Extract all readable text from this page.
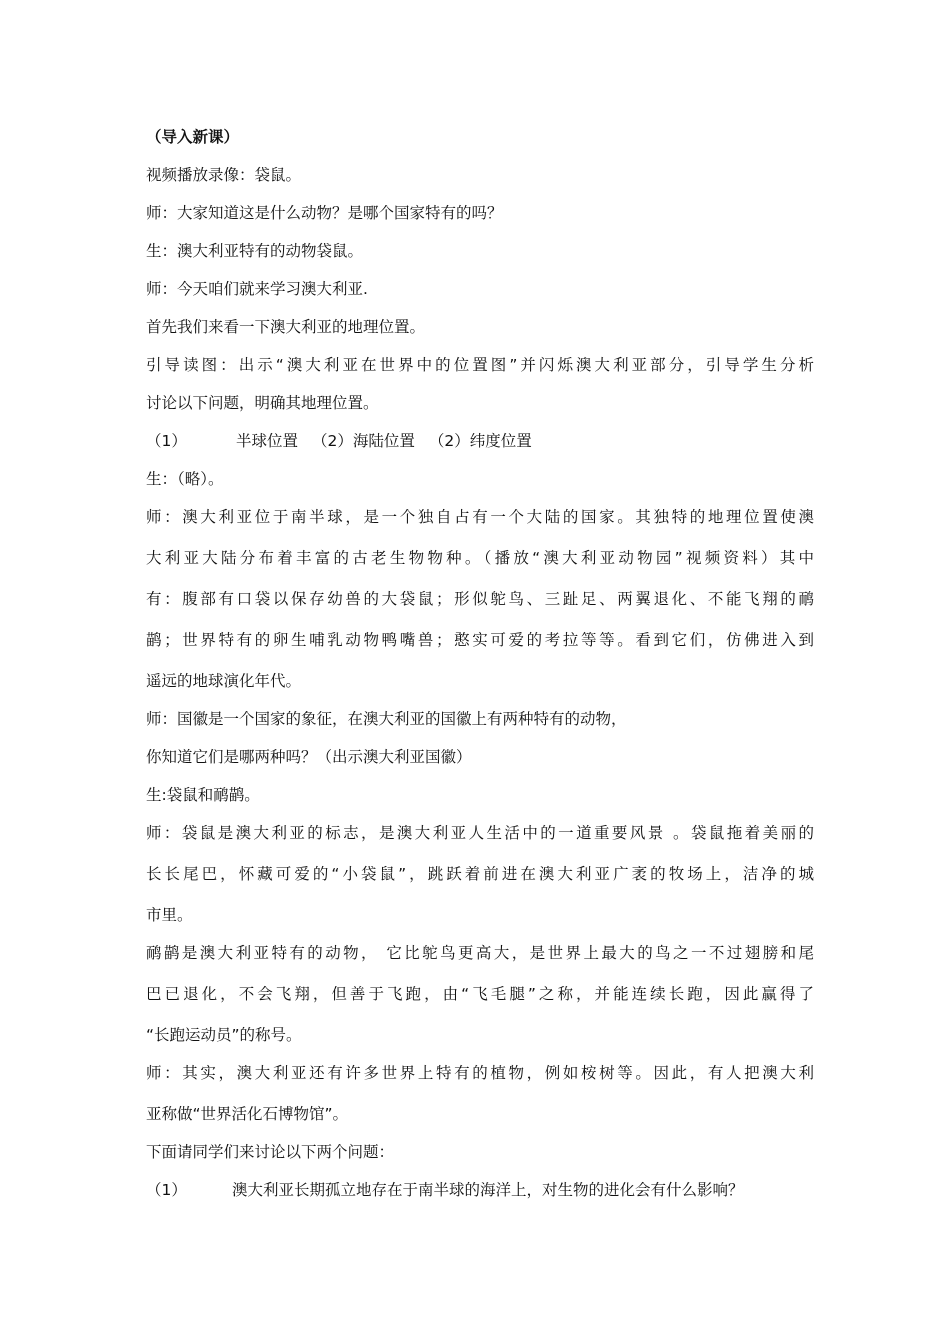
（导入新课）
视频播放录像：袋鼠。
师：大家知道这是什么动物？是哪个国家特有的吗？
生：澳大利亚特有的动物袋鼠。
师：今天咱们就来学习澳大利亚.
首先我们来看一下澳大利亚的地理位置。
引导读图：出示“澳大利亚在世界中的位置图”并闪烁澳大利亚部分，引导学生分析
讨论以下问题，明确其地理位置。
（1）	半球位置 （2）海陆位置 （2）纬度位置
生：（略）。
师：澳大利亚位于南半球，是一个独自占有一个大陆的国家。其独特的地理位置使澳
大利亚大陆分布着丰富的古老生物物种。（播放“澳大利亚动物园”视频资料）其中
有：腹部有口袋以保存幼兽的大袋鼠；形似鸵鸟、三趾足、两翼退化、不能飞翔的鸸
鹋；世界特有的卵生哺乳动物鸭嘴兽；憨实可爱的考拉等等。看到它们，仿佛进入到
遥远的地球演化年代。
师：国徽是一个国家的象征，在澳大利亚的国徽上有两种特有的动物，
你知道它们是哪两种吗？（出示澳大利亚国徽）
生:袋鼠和鸸鹋。
师：袋鼠是澳大利亚的标志，是澳大利亚人生活中的一道重要风景 。袋鼠拖着美丽的
长长尾巴，怀藏可爱的“小袋鼠”，跳跃着前进在澳大利亚广袤的牧场上，洁净的城
市里。
鸸鹋是澳大利亚特有的动物， 它比鸵鸟更高大，是世界上最大的鸟之一不过翅膀和尾
巴已退化，不会飞翔，但善于飞跑，由“飞毛腿”之称，并能连续长跑，因此赢得了
“长跑运动员”的称号。
师：其实，澳大利亚还有许多世界上特有的植物，例如桉树等。因此，有人把澳大利
亚称做“世界活化石博物馆”。
下面请同学们来讨论以下两个问题：
（1）	澳大利亚长期孤立地存在于南半球的海洋上，对生物的进化会有什么影响？
